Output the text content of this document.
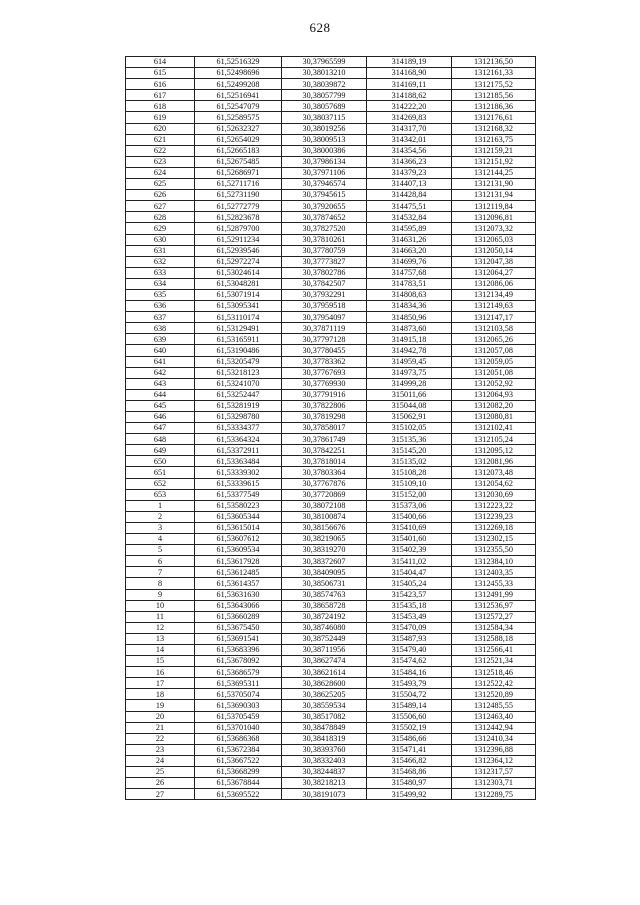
628
614	61,52516329	30,37965599	314189,19	1312136,50
615	61,52498696	30,38013210	314168,90	1312161,33
616	61,52499208	30,38039872	314169,11	1312175,52
617	61,52516941	30,38057799	314188,62	1312185,56
618	61,52547079	30,38057689	314222,20	1312186,36
619	61,52589575	30,38037115	314269,83	1312176,61
620	61,52632327	30,38019256	314317,70	1312168,32
621	61,52654029	30,38009513	314342,01	1312163,75
622	61,52665183	30,38000386	314354,56	1312159,21
623	61,52675485	30,37986134	314366,23	1312151,92
624	61,52686971	30,37971106	314379,23	1312144,25
625	61,52711716	30,37946574	314407,13	1312131,90
626	61,52731190	30,37945615	314428,84	1312131,94
627	61,52772779	30,37920655	314475,51	1312119,84
628	61,52823678	30,37874652	314532,84	1312096,81
629	61,52879700	30,37827520	314595,89	1312073,32
630	61,52911234	30,37810261	314631,26	1312065,03
631	61,52939546	30,37780759	314663,20	1312050,14
632	61,52972274	30,37773827	314699,76	1312047,38
633	61,53024614	30,37802786	314757,68	1312064,27
634	61,53048281	30,37842507	314783,51	1312086,06
635	61,53071914	30,37932291	314808,63	1312134,49
636	61,53095341	30,37959518	314834,36	1312149,63
637	61,53110174	30,37954097	314850,96	1312147,17
638	61,53129491	30,37871119	314873,60	1312103,58
639	61,53165911	30,37797128	314915,18	1312065,26
640	61,53190486	30,37780455	314942,78	1312057,08
641	61,53205479	30,37783362	314959,45	1312059,05
642	61,53218123	30,37767693	314973,75	1312051,08
643	61,53241070	30,37769930	314999,28	1312052,92
644	61,53252447	30,37791916	315011,66	1312064,93
645	61,53281919	30,37822806	315044,08	1312082,20
646	61,53298780	30,37819298	315062,91	1312080,81
647	61,53334377	30,37858017	315102,05	1312102,41
648	61,53364324	30,37861749	315135,36	1312105,24
649	61,53372911	30,37842251	315145,20	1312095,12
650	61,53363484	30,37818014	315135,02	1312081,96
651	61,53339302	30,37803364	315108,28	1312073,48
652	61,53339615	30,37767876	315109,10	1312054,62
653	61,53377549	30,37720869	315152,00	1312030,69
1	61,53580223	30,38072108	315373,06	1312223,22
2	61,53605344	30,38100874	315400,66	1312239,23
3	61,53615014	30,38156676	315410,69	1312269,18
4	61,53607612	30,38219065	315401,60	1312302,15
5	61,53609534	30,38319270	315402,39	1312355,50
6	61,53617928	30,38372607	315411,02	1312384,10
7	61,53612485	30,38409095	315404,47	1312403,35
8	61,53614357	30,38506731	315405,24	1312455,33
9	61,53631630	30,38574763	315423,57	1312491,99
10	61,53643066	30,38658728	315435,18	1312536,97
11	61,53660289	30,38724192	315453,49	1312572,27
12	61,53675450	30,38746080	315470,09	1312584,34
13	61,53691541	30,38752449	315487,93	1312588,18
14	61,53683396	30,38711956	315479,40	1312566,41
15	61,53678092	30,38627474	315474,62	1312521,34
16	61,53686579	30,38621614	315484,16	1312518,46
17	61,53695311	30,38628600	315493,79	1312522,42
18	61,53705074	30,38625205	315504,72	1312520,89
19	61,53690303	30,38559534	315489,14	1312485,55
20	61,53705459	30,38517082	315506,60	1312463,40
21	61,53701040	30,38478849	315502,19	1312442,94
22	61,53686368	30,38418319	315486,66	1312410,34
23	61,53672384	30,38393760	315471,41	1312396,88
24	61,53667522	30,38332403	315466,82	1312364,12
25	61,53668299	30,38244837	315468,86	1312317,57
26	61,53678844	30,38218213	315480,97	1312303,71
27	61,53695522	30,38191073	315499,92	1312289,75
